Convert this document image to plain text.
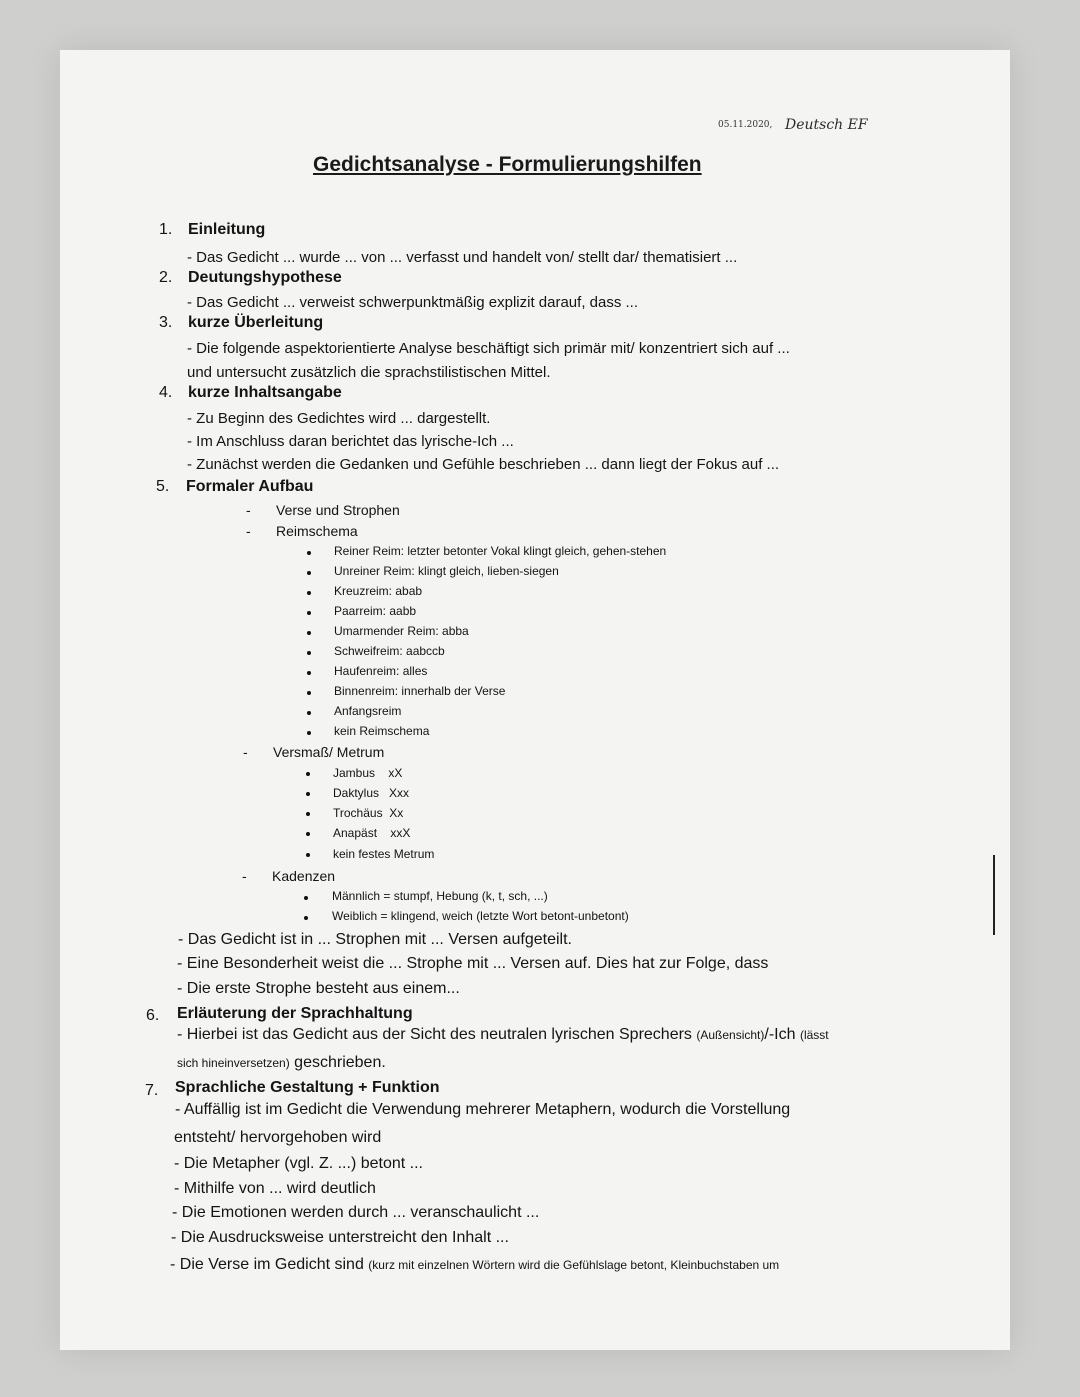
05.11.2020, Deutsch EF
Gedichtsanalyse - Formulierungshilfen
1. Einleitung
- Das Gedicht ... wurde ... von ... verfasst und handelt von/ stellt dar/ thematisiert ...
2. Deutungshypothese
- Das Gedicht ... verweist schwerpunktmäßig explizit darauf, dass ...
3. kurze Überleitung
- Die folgende aspektorientierte Analyse beschäftigt sich primär mit/ konzentriert sich auf ...
und untersucht zusätzlich die sprachstilistischen Mittel.
4. kurze Inhaltsangabe
- Zu Beginn des Gedichtes wird ... dargestellt.
- Im Anschluss daran berichtet das lyrische-Ich ...
- Zunächst werden die Gedanken und Gefühle beschrieben ... dann liegt der Fokus auf ...
5. Formaler Aufbau
- Verse und Strophen
- Reimschema
Reiner Reim: letzter betonter Vokal klingt gleich, gehen-stehen
Unreiner Reim: klingt gleich, lieben-siegen
Kreuzreim: abab
Paarreim: aabb
Umarmender Reim: abba
Schweifreim: aabccb
Haufenreim: alles
Binnenreim: innerhalb der Verse
Anfangsreim
kein Reimschema
- Versmaß/ Metrum
Jambus    xX
Daktylus   Xxx
Trochäus  Xx
Anapäst    xxX
kein festes Metrum
- Kadenzen
Männlich = stumpf, Hebung (k, t, sch, ...)
Weiblich = klingend, weich (letzte Wort betont-unbetont)
- Das Gedicht ist in ... Strophen mit ... Versen aufgeteilt.
- Eine Besonderheit weist die ... Strophe mit ... Versen auf. Dies hat zur Folge, dass
- Die erste Strophe besteht aus einem...
6. Erläuterung der Sprachhaltung
- Hierbei ist das Gedicht aus der Sicht des neutralen lyrischen Sprechers (Außensicht)/-Ich (lässt
sich hineinversetzen) geschrieben.
7. Sprachliche Gestaltung + Funktion
- Auffällig ist im Gedicht die Verwendung mehrerer Metaphern, wodurch die Vorstellung
entsteht/ hervorgehoben wird
- Die Metapher (vgl. Z. ...) betont ...
- Mithilfe von ... wird deutlich
- Die Emotionen werden durch ... veranschaulicht ...
- Die Ausdrucksweise unterstreicht den Inhalt ...
- Die Verse im Gedicht sind (kurz mit einzelnen Wörtern wird die Gefühlslage betont, Kleinbuchstaben um
